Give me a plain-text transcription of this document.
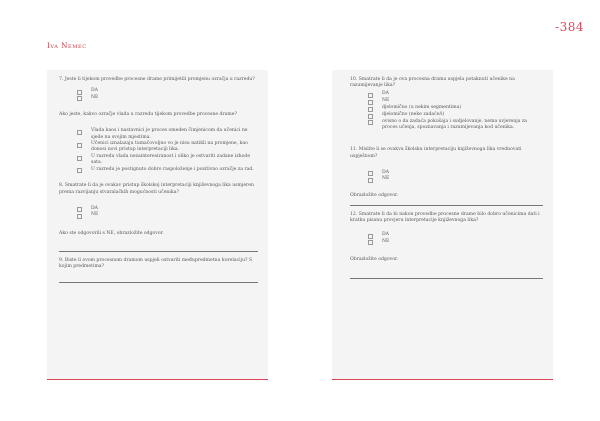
-384
Iva Nemec

7. Jeste li tijekom provedbe procesne drame primijetili promjenu ozračja u razredu?

DA
NE

Ako jeste, kakvo ozračje vlada u razredu tijekom provedbe procesne drame?

Vlada kaos i nastavnici je proces omeden čimjenicom da učenici ne sjede na svojim mjestima.
Učenici iznalazaju tumačovoljno vo je nisu natikli na promjene, kao donosi novi pristup interpretaciji lika.
U razredu vlada nezainteresiranost i oliko je ostvariti zadane izhode sata.
U razredu je postignuto dobro raspoloženje i pozitivno ozračje za rad.

8. Smatrate li da je ovakav pristup školskoj interpretaciji književnoga lika usmjeren prema razvijanju stvaralačkih mogućnosti učenika?

DA
NE

Ako ste odgovorili s NE, obrazložite odgovor.

9. Biste li ovom procesnom dramom uspjeli ostvariti međupredmetnu korelaciju? S kojim predmetima?

10. Smatrate li da je ova procesna drama uspjela potaknuti učenike na razumijevanje lika?

DA
NE
djelomično (u nekim segmentima)
djelomično (neke zadaće/i)
ovisno o da zadaća pokušaja i sudjelovanje, nema uvjerenja za proces učenja, spoznavanja i razumijevanja kod učenika.

11. Mislite li se ovakvu školsku interpretaciju književnoga lika vrednovati uspješnom?

DA
NE

Obrazložite odgovor.

12. Smatrate li da bi nakon provedbe procesne drame bilo dobro učenicima dati i kratku pisanu provjeru interpretacije književnoga lika?

DA
NE

Obrazložite odgovor.
